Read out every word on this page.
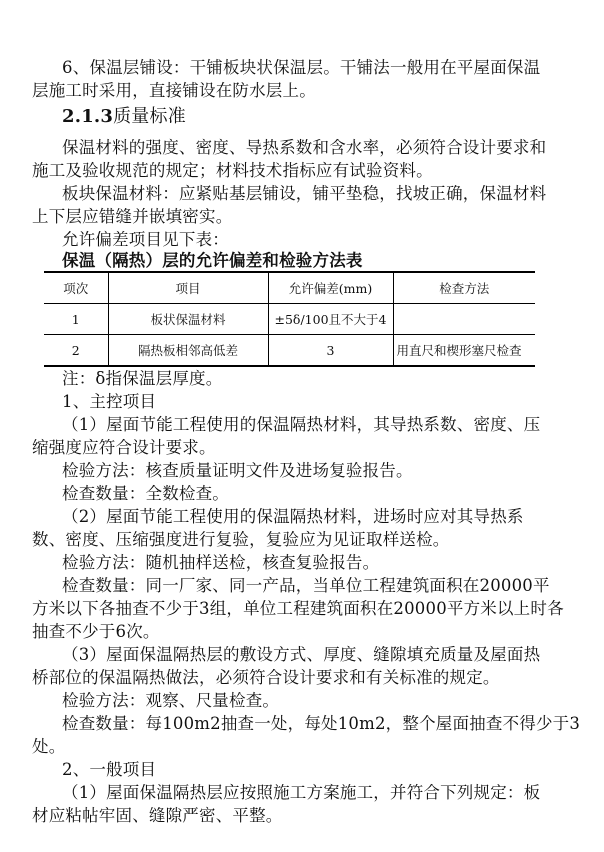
6、保温层铺设：干铺板块状保温层。干铺法一般用在平屋面保温
层施工时采用，直接铺设在防水层上。
2.1.3质量标准
保温材料的强度、密度、导热系数和含水率，必须符合设计要求和
施工及验收规范的规定；材料技术指标应有试验资料。
板块保温材料：应紧贴基层铺设，铺平垫稳，找坡正确，保温材料
上下层应错缝并嵌填密实。
允许偏差项目见下表：
保温（隔热）层的允许偏差和检验方法表
项次	项目	允许偏差(mm)	检查方法
1	板状保温材料	±5δ/100且不大于4	
2	隔热板相邻高低差	3	用直尺和楔形塞尺检查
注：δ指保温层厚度。
1、主控项目
（1）屋面节能工程使用的保温隔热材料，其导热系数、密度、压
缩强度应符合设计要求。
检验方法：核查质量证明文件及进场复验报告。
检查数量：全数检查。
（2）屋面节能工程使用的保温隔热材料，进场时应对其导热系
数、密度、压缩强度进行复验，复验应为见证取样送检。
检验方法：随机抽样送检，核查复验报告。
检查数量：同一厂家、同一产品，当单位工程建筑面积在20000平
方米以下各抽查不少于3组，单位工程建筑面积在20000平方米以上时各
抽查不少于6次。
（3）屋面保温隔热层的敷设方式、厚度、缝隙填充质量及屋面热
桥部位的保温隔热做法，必须符合设计要求和有关标准的规定。
检验方法：观察、尺量检查。
检查数量：每100m2抽查一处，每处10m2，整个屋面抽查不得少于3
处。
2、一般项目
（1）屋面保温隔热层应按照施工方案施工，并符合下列规定：板
材应粘帖牢固、缝隙严密、平整。
